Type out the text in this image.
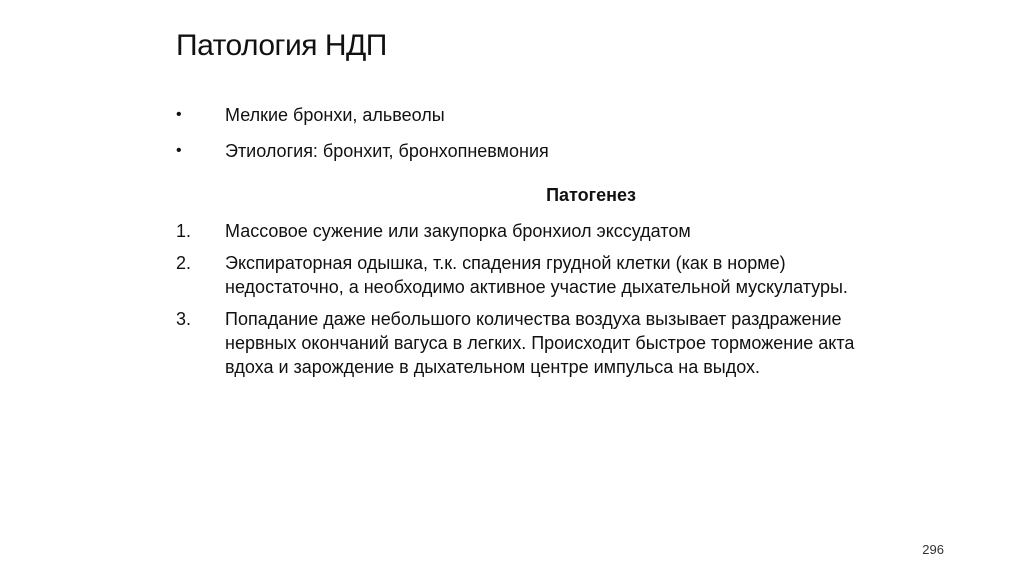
Патология НДП
• Мелкие бронхи, альвеолы
• Этиология: бронхит, бронхопневмония
Патогенез
1. Массовое сужение или закупорка бронхиол экссудатом
2. Экспираторная одышка, т.к. спадения грудной клетки (как в норме) недостаточно, а необходимо активное участие дыхательной мускулатуры.
3. Попадание даже небольшого количества воздуха вызывает раздражение нервных окончаний вагуса в легких. Происходит быстрое торможение акта вдоха и зарождение в дыхательном центре импульса на выдох.
296
